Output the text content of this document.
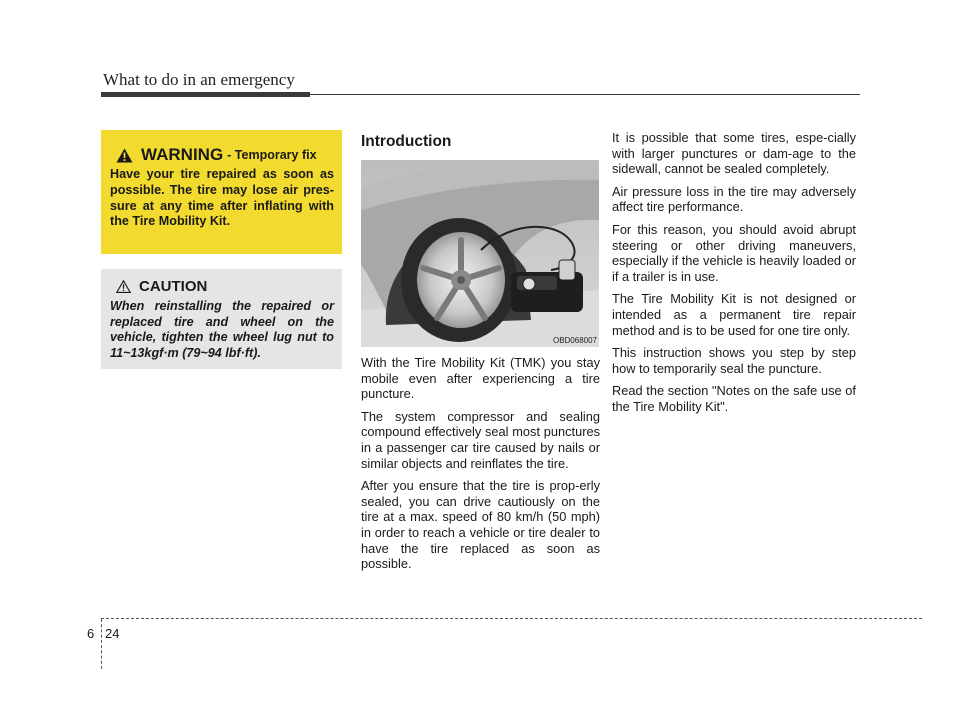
What to do in an emergency
WARNING - Temporary fix
Have your tire repaired as soon as possible. The tire may lose air pres-sure at any time after inflating with the Tire Mobility Kit.
CAUTION
When reinstalling the repaired or replaced tire and wheel on the vehicle, tighten the wheel lug nut to 11~13kgf·m (79~94 lbf·ft).
Introduction
OBD068007

With the Tire Mobility Kit (TMK) you stay mobile even after experiencing a tire puncture.

The system compressor and sealing compound effectively seal most punctures in a passenger car tire caused by nails or similar objects and reinflates the tire.

After you ensure that the tire is prop-erly sealed, you can drive cautiously on the tire at a max. speed of 80 km/h (50 mph) in order to reach a vehicle or tire dealer to have the tire replaced as soon as possible.

It is possible that some tires, espe-cially with larger punctures or dam-age to the sidewall, cannot be sealed completely.

Air pressure loss in the tire may adversely affect tire performance.

For this reason, you should avoid abrupt steering or other driving maneuvers, especially if the vehicle is heavily loaded or if a trailer is in use.

The Tire Mobility Kit is not designed or intended as a permanent tire repair method and is to be used for one tire only.

This instruction shows you step by step how to temporarily seal the puncture.

Read the section "Notes on the safe use of the Tire Mobility Kit".

6 24
